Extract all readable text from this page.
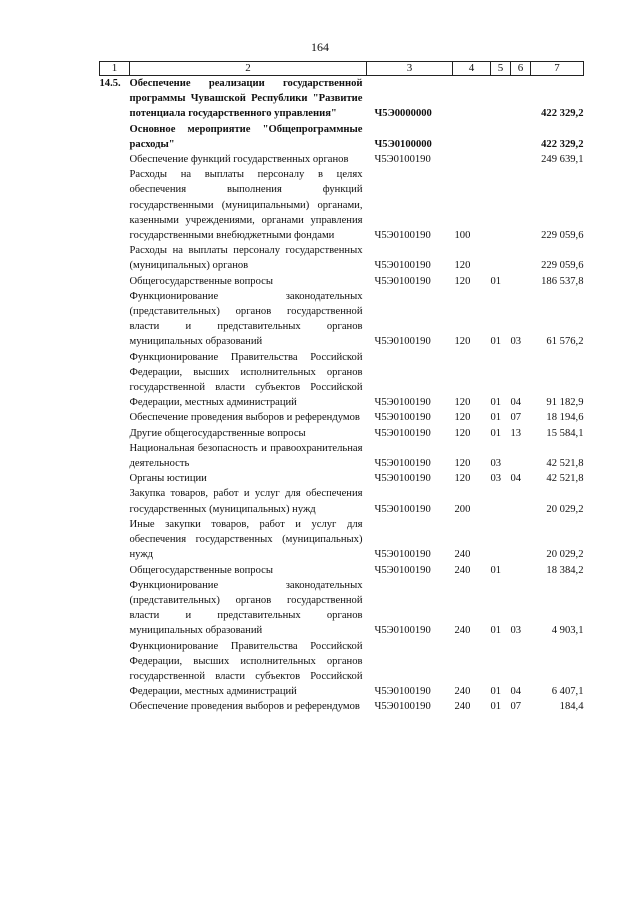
164
1	2	3	4	5	6	7
14.5.	Обеспечение реализации государственной программы Чувашской Республики "Развитие потенциала государственного управления"	Ч5Э0000000				422 329,2
	Основное мероприятие "Общепрограммные расходы"	Ч5Э0100000				422 329,2
	Обеспечение функций государственных органов	Ч5Э0100190				249 639,1
	Расходы на выплаты персоналу в целях обеспечения выполнения функций государственными (муниципальными) органами, казенными учреждениями, органами управления государственными внебюджетными фондами	Ч5Э0100190	100			229 059,6
	Расходы на выплаты персоналу государственных (муниципальных) органов	Ч5Э0100190	120			229 059,6
	Общегосударственные вопросы	Ч5Э0100190	120	01		186 537,8
	Функционирование законодательных (представительных) органов государственной власти и представительных органов муниципальных образований	Ч5Э0100190	120	01	03	61 576,2
	Функционирование Правительства Российской Федерации, высших исполнительных органов государственной власти субъектов Российской Федерации, местных администраций	Ч5Э0100190	120	01	04	91 182,9
	Обеспечение проведения выборов и референдумов	Ч5Э0100190	120	01	07	18 194,6
	Другие общегосударственные вопросы	Ч5Э0100190	120	01	13	15 584,1
	Национальная безопасность и правоохранительная деятельность	Ч5Э0100190	120	03		42 521,8
	Органы юстиции	Ч5Э0100190	120	03	04	42 521,8
	Закупка товаров, работ и услуг для обеспечения государственных (муниципальных) нужд	Ч5Э0100190	200			20 029,2
	Иные закупки товаров, работ и услуг для обеспечения государственных (муниципальных) нужд	Ч5Э0100190	240			20 029,2
	Общегосударственные вопросы	Ч5Э0100190	240	01		18 384,2
	Функционирование законодательных (представительных) органов государственной власти и представительных органов муниципальных образований	Ч5Э0100190	240	01	03	4 903,1
	Функционирование Правительства Российской Федерации, высших исполнительных органов государственной власти субъектов Российской Федерации, местных администраций	Ч5Э0100190	240	01	04	6 407,1
	Обеспечение проведения выборов и референдумов	Ч5Э0100190	240	01	07	184,4
